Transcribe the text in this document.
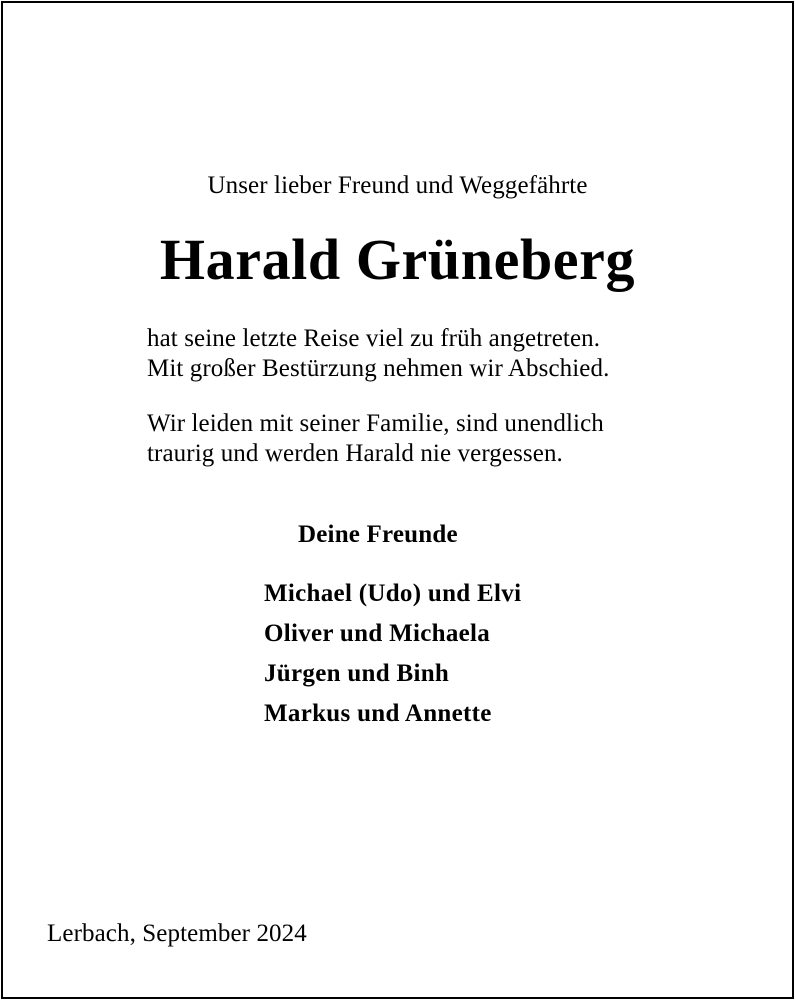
Unser lieber Freund und Weggefährte
Harald Grüneberg
hat seine letzte Reise viel zu früh angetreten.
Mit großer Bestürzung nehmen wir Abschied.
Wir leiden mit seiner Familie, sind unendlich
traurig und werden Harald nie vergessen.
Deine Freunde
Michael (Udo) und Elvi
Oliver und Michaela
Jürgen und Binh
Markus und Annette
Lerbach, September 2024
